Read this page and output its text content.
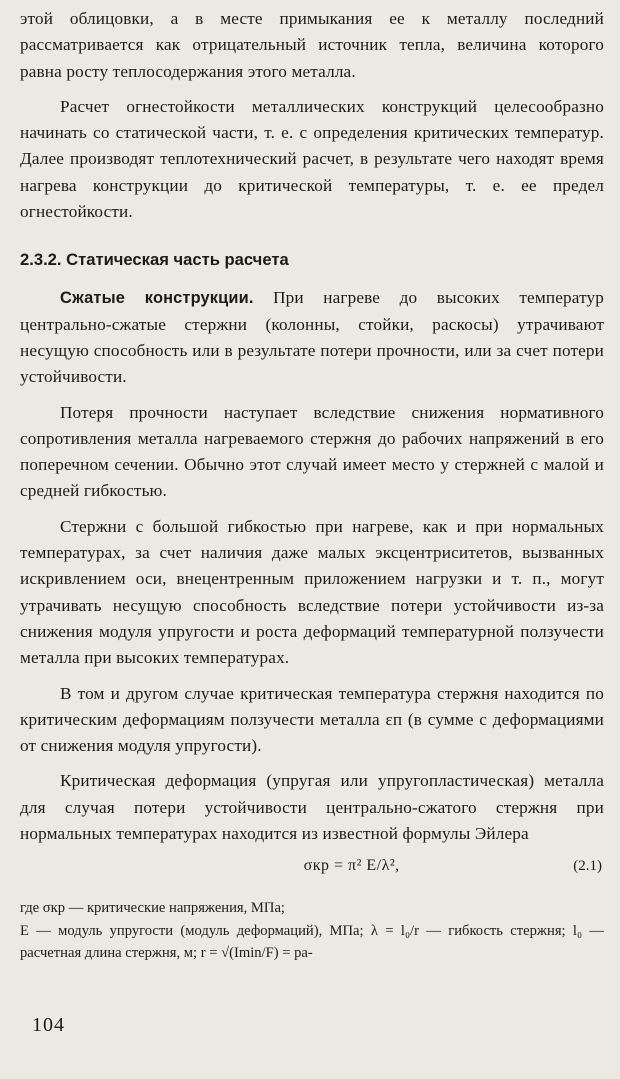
этой облицовки, а в месте примыкания ее к металлу последний рассматривается как отрицательный источник тепла, величина которого равна росту теплосодержания этого металла.

Расчет огнестойкости металлических конструкций целесообразно начинать со статической части, т. е. с определения критических температур. Далее производят теплотехнический расчет, в результате чего находят время нагрева конструкции до критической температуры, т. е. ее предел огнестойкости.

2.3.2. Статическая часть расчета

Сжатые конструкции. При нагреве до высоких температур центрально-сжатые стержни (колонны, стойки, раскосы) утрачивают несущую способность или в результате потери прочности, или за счет потери устойчивости.

Потеря прочности наступает вследствие снижения нормативного сопротивления металла нагреваемого стержня до рабочих напряжений в его поперечном сечении. Обычно этот случай имеет место у стержней с малой и средней гибкостью.

Стержни с большой гибкостью при нагреве, как и при нормальных температурах, за счет наличия даже малых эксцентриситетов, вызванных искривлением оси, внецентренным приложением нагрузки и т. п., могут утрачивать несущую способность вследствие потери устойчивости из-за снижения модуля упругости и роста деформаций температурной ползучести металла при высоких температурах.

В том и другом случае критическая температура стержня находится по критическим деформациям ползучести металла εп (в сумме с деформациями от снижения модуля упругости).

Критическая деформация (упругая или упругопластическая) металла для случая потери устойчивости центрально-сжатого стержня при нормальных температурах находится из известной формулы Эйлера

σкр = π² E/λ²,	(2.1)

где σкр — критические напряжения, МПа;

E — модуль упругости (модуль деформаций), МПа; λ = l₀/r — гибкость стержня; l₀ — расчетная длина стержня, м; r = √(Imin/F) = ра-

104
